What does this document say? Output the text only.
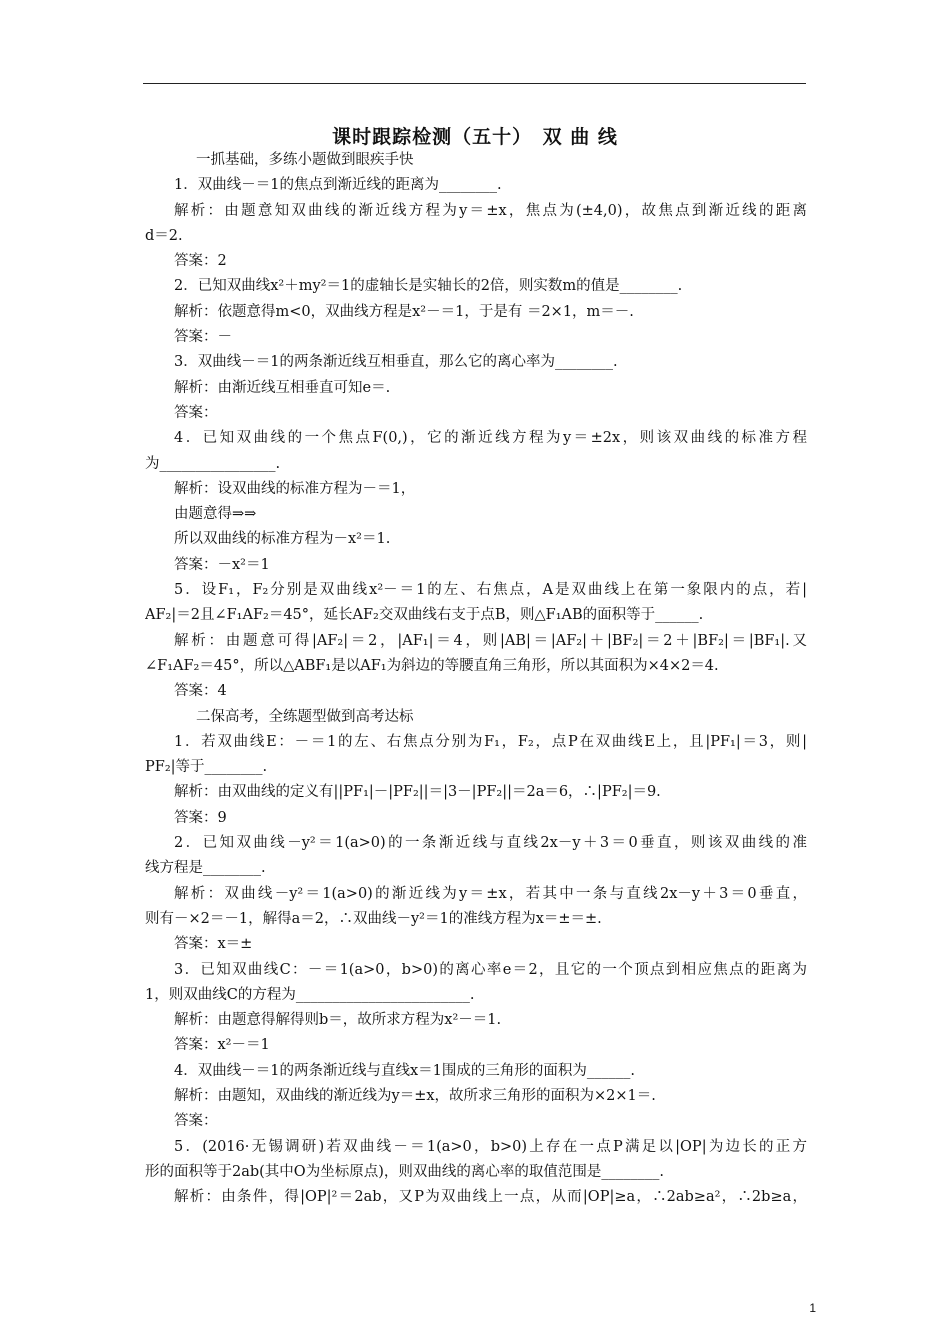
课时跟踪检测（五十）　双 曲 线
一抓基础，多练小题做到眼疾手快
1．双曲线－＝1的焦点到渐近线的距离为________.
解析：由题意知双曲线的渐近线方程为y＝±x，焦点为(±4,0)，故焦点到渐近线的距离
d＝2.
答案：2
2．已知双曲线x²＋my²＝1的虚轴长是实轴长的2倍，则实数m的值是________.
解析：依题意得m<0，双曲线方程是x²－＝1，于是有 ＝2×1，m＝－.
答案：－
3．双曲线－＝1的两条渐近线互相垂直，那么它的离心率为________.
解析：由渐近线互相垂直可知e＝.
答案：
4．已知双曲线的一个焦点F(0,)，它的渐近线方程为y＝±2x，则该双曲线的标准方程
为________________.
解析：设双曲线的标准方程为－＝1，
由题意得⇒⇒
所以双曲线的标准方程为－x²＝1.
答案：－x²＝1
5．设F₁，F₂分别是双曲线x²－＝1的左、右焦点，A是双曲线上在第一象限内的点，若|
AF₂|＝2且∠F₁AF₂＝45°，延长AF₂交双曲线右支于点B，则△F₁AB的面积等于______.
解析：由题意可得|AF₂|＝2，|AF₁|＝4，则|AB|＝|AF₂|＋|BF₂|＝2＋|BF₂|＝|BF₁|.又
∠F₁AF₂＝45°，所以△ABF₁是以AF₁为斜边的等腰直角三角形，所以其面积为×4×2＝4.
答案：4
二保高考，全练题型做到高考达标
1．若双曲线E：－＝1的左、右焦点分别为F₁，F₂，点P在双曲线E上，且|PF₁|＝3，则|
PF₂|等于________.
解析：由双曲线的定义有||PF₁|－|PF₂||＝|3－|PF₂||＝2a＝6，∴|PF₂|＝9.
答案：9
2．已知双曲线－y²＝1(a>0)的一条渐近线与直线2x－y＋3＝0垂直，则该双曲线的准
线方程是________.
解析：双曲线－y²＝1(a>0)的渐近线为y＝±x，若其中一条与直线2x－y＋3＝0垂直，
则有－×2＝－1，解得a＝2，∴双曲线－y²＝1的准线方程为x＝±＝±.
答案：x＝±
3．已知双曲线C：－＝1(a>0，b>0)的离心率e＝2，且它的一个顶点到相应焦点的距离为
1，则双曲线C的方程为________________________.
解析：由题意得解得则b＝，故所求方程为x²－＝1.
答案：x²－＝1
4．双曲线－＝1的两条渐近线与直线x＝1围成的三角形的面积为______.
解析：由题知，双曲线的渐近线为y＝±x，故所求三角形的面积为×2×1＝.
答案：
5．(2016·无锡调研)若双曲线－＝1(a>0，b>0)上存在一点P满足以|OP|为边长的正方
形的面积等于2ab(其中O为坐标原点)，则双曲线的离心率的取值范围是________.
解析：由条件，得|OP|²＝2ab，又P为双曲线上一点，从而|OP|≥a，∴2ab≥a²，∴2b≥a，
1
